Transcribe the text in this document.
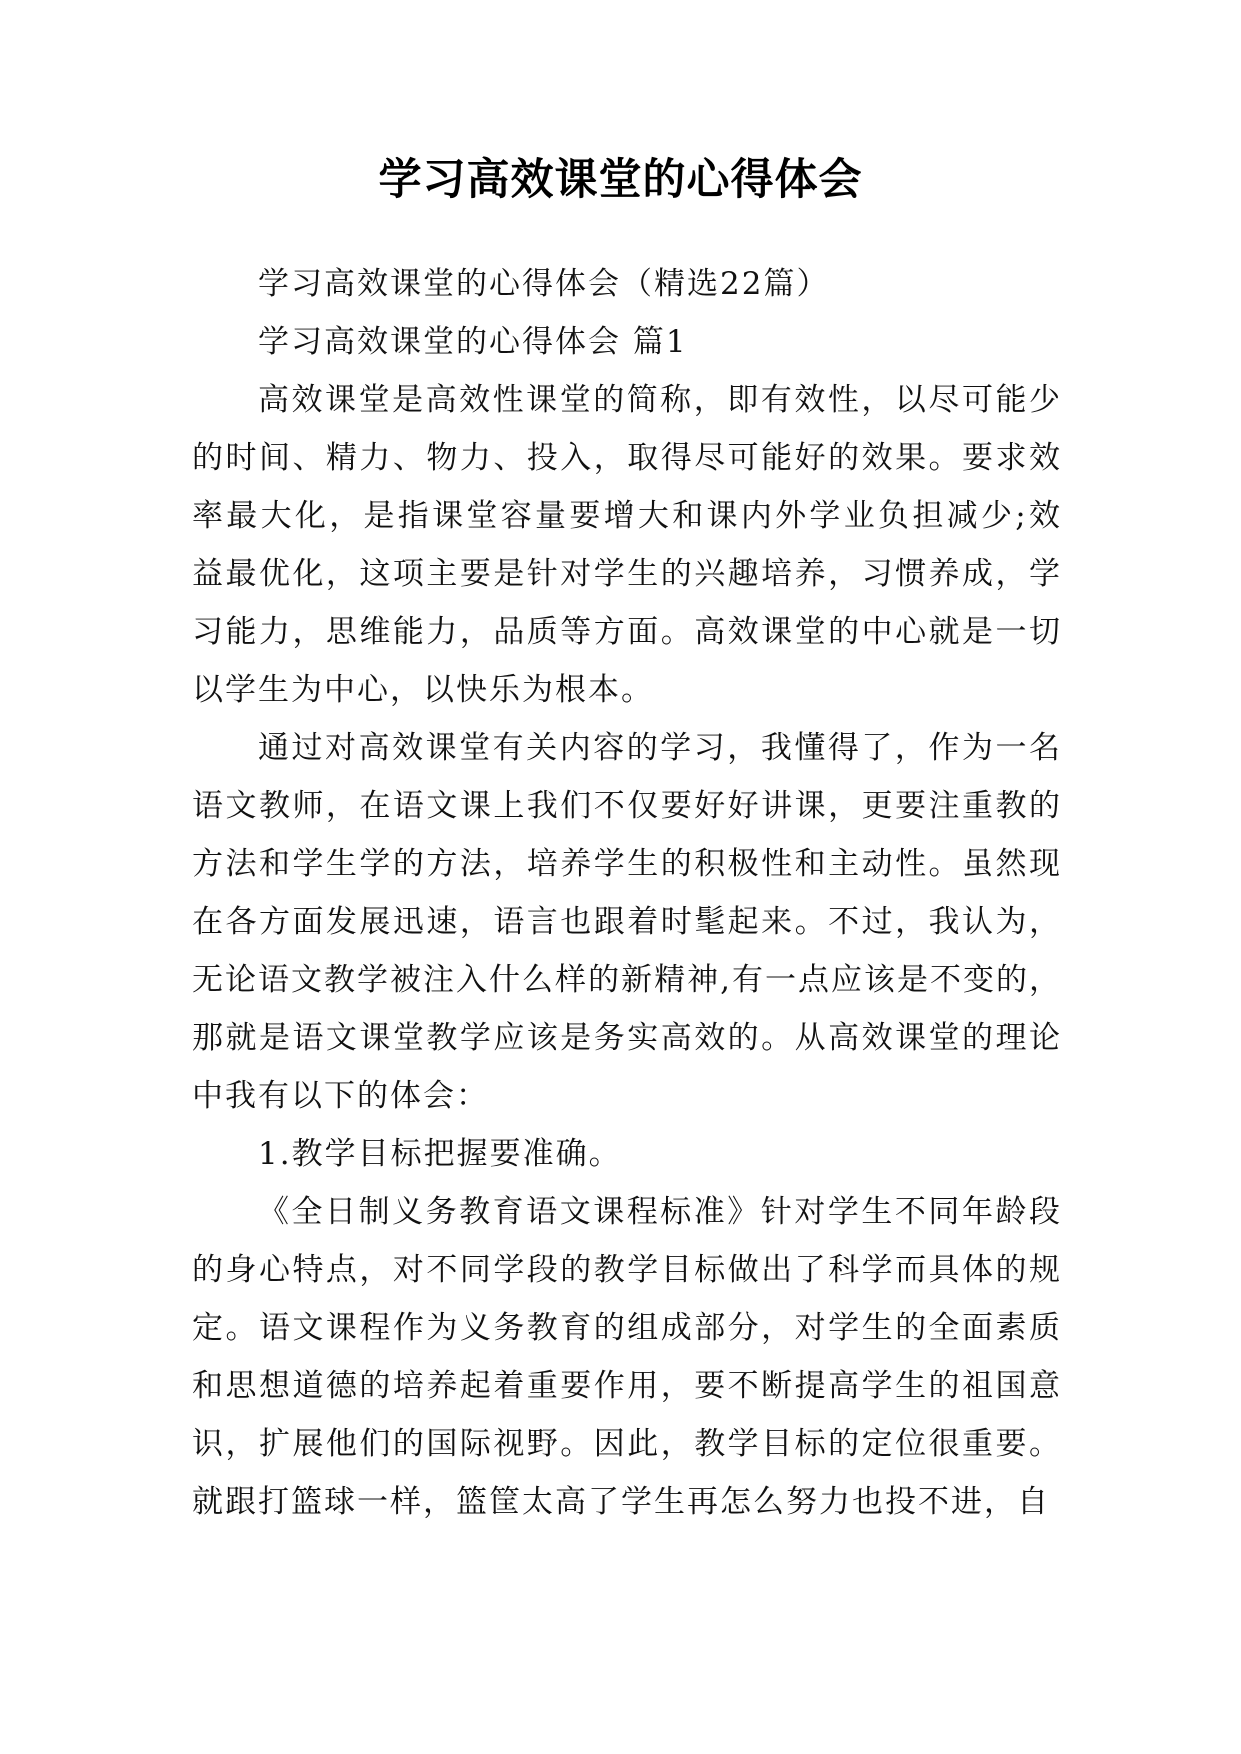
学习高效课堂的心得体会

学习高效课堂的心得体会（精选22篇）

学习高效课堂的心得体会 篇1

高效课堂是高效性课堂的简称，即有效性，以尽可能少的时间、精力、物力、投入，取得尽可能好的效果。要求效率最大化，是指课堂容量要增大和课内外学业负担减少;效益最优化，这项主要是针对学生的兴趣培养，习惯养成，学习能力，思维能力，品质等方面。高效课堂的中心就是一切以学生为中心，以快乐为根本。

通过对高效课堂有关内容的学习，我懂得了，作为一名语文教师，在语文课上我们不仅要好好讲课，更要注重教的方法和学生学的方法，培养学生的积极性和主动性。虽然现在各方面发展迅速，语言也跟着时髦起来。不过，我认为，无论语文教学被注入什么样的新精神,有一点应该是不变的，那就是语文课堂教学应该是务实高效的。从高效课堂的理论中我有以下的体会：

1.教学目标把握要准确。

《全日制义务教育语文课程标准》针对学生不同年龄段的身心特点，对不同学段的教学目标做出了科学而具体的规定。语文课程作为义务教育的组成部分，对学生的全面素质和思想道德的培养起着重要作用，要不断提高学生的祖国意识，扩展他们的国际视野。因此，教学目标的定位很重要。就跟打篮球一样，篮筐太高了学生再怎么努力也投不进，自
